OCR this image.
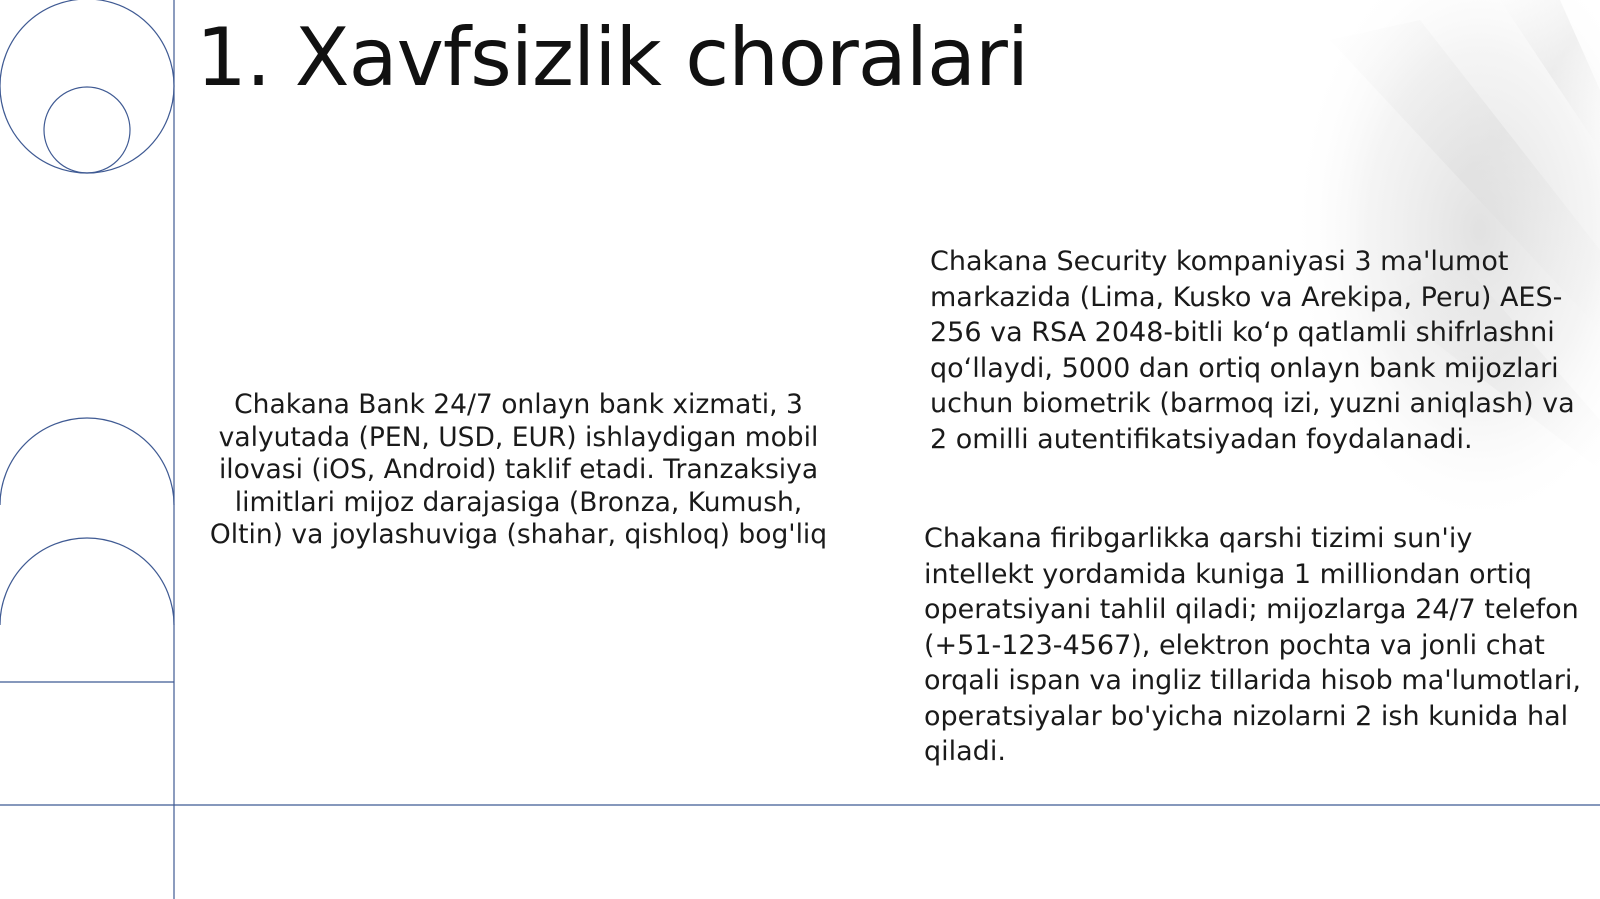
1. Xavfsizlik choralari

Chakana Bank 24/7 onlayn bank xizmati, 3 valyutada (PEN, USD, EUR) ishlaydigan mobil ilovasi (iOS, Android) taklif etadi. Tranzaksiya limitlari mijoz darajasiga (Bronza, Kumush, Oltin) va joylashuviga (shahar, qishloq) bog'liq

Chakana Security kompaniyasi 3 ma'lumot markazida (Lima, Kusko va Arekipa, Peru) AES-256 va RSA 2048-bitli ko‘p qatlamli shifrlashni qo‘llaydi, 5000 dan ortiq onlayn bank mijozlari uchun biometrik (barmoq izi, yuzni aniqlash) va 2 omilli autentifikatsiyadan foydalanadi.

Chakana firibgarlikka qarshi tizimi sun'iy intellekt yordamida kuniga 1 milliondan ortiq operatsiyani tahlil qiladi; mijozlarga 24/7 telefon (+51-123-4567), elektron pochta va jonli chat orqali ispan va ingliz tillarida hisob ma'lumotlari, operatsiyalar bo'yicha nizolarni 2 ish kunida hal qiladi.
